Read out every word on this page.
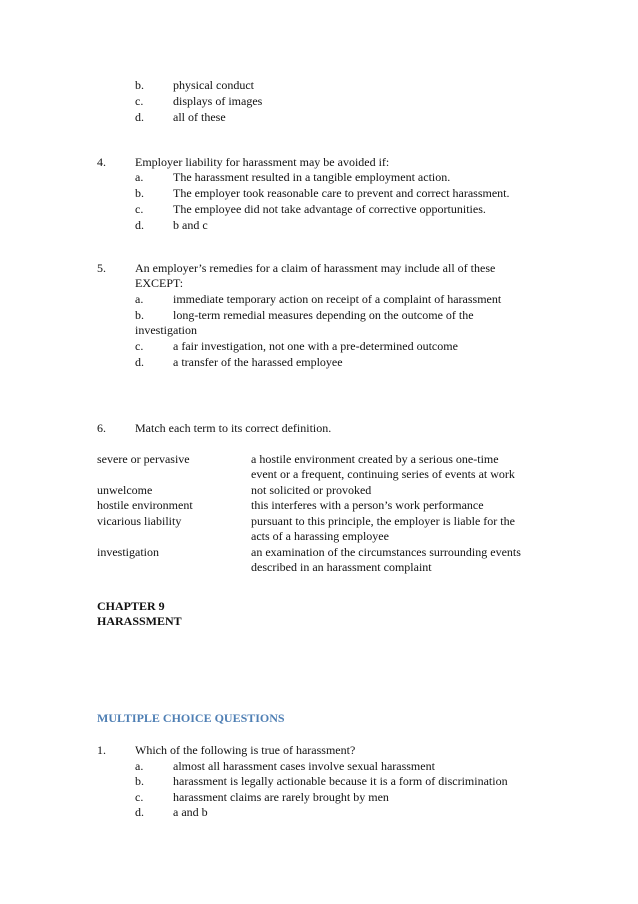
b. physical conduct
c. displays of images
d. all of these
4. Employer liability for harassment may be avoided if:
a. The harassment resulted in a tangible employment action.
b. The employer took reasonable care to prevent and correct harassment.
c. The employee did not take advantage of corrective opportunities.
d. b and c
5. An employer’s remedies for a claim of harassment may include all of these
EXCEPT:
a. immediate temporary action on receipt of a complaint of harassment
b. long-term remedial measures depending on the outcome of the
investigation
c. a fair investigation, not one with a pre-determined outcome
d. a transfer of the harassed employee
6. Match each term to its correct definition.
severe or pervasive	a hostile environment created by a serious one-time
event or a frequent, continuing series of events at work
unwelcome	not solicited or provoked
hostile environment	this interferes with a person’s work performance
vicarious liability	pursuant to this principle, the employer is liable for the
acts of a harassing employee
investigation	an examination of the circumstances surrounding events
described in an harassment complaint
CHAPTER 9
HARASSMENT
MULTIPLE CHOICE QUESTIONS
1. Which of the following is true of harassment?
a. almost all harassment cases involve sexual harassment
b. harassment is legally actionable because it is a form of discrimination
c. harassment claims are rarely brought by men
d. a and b
